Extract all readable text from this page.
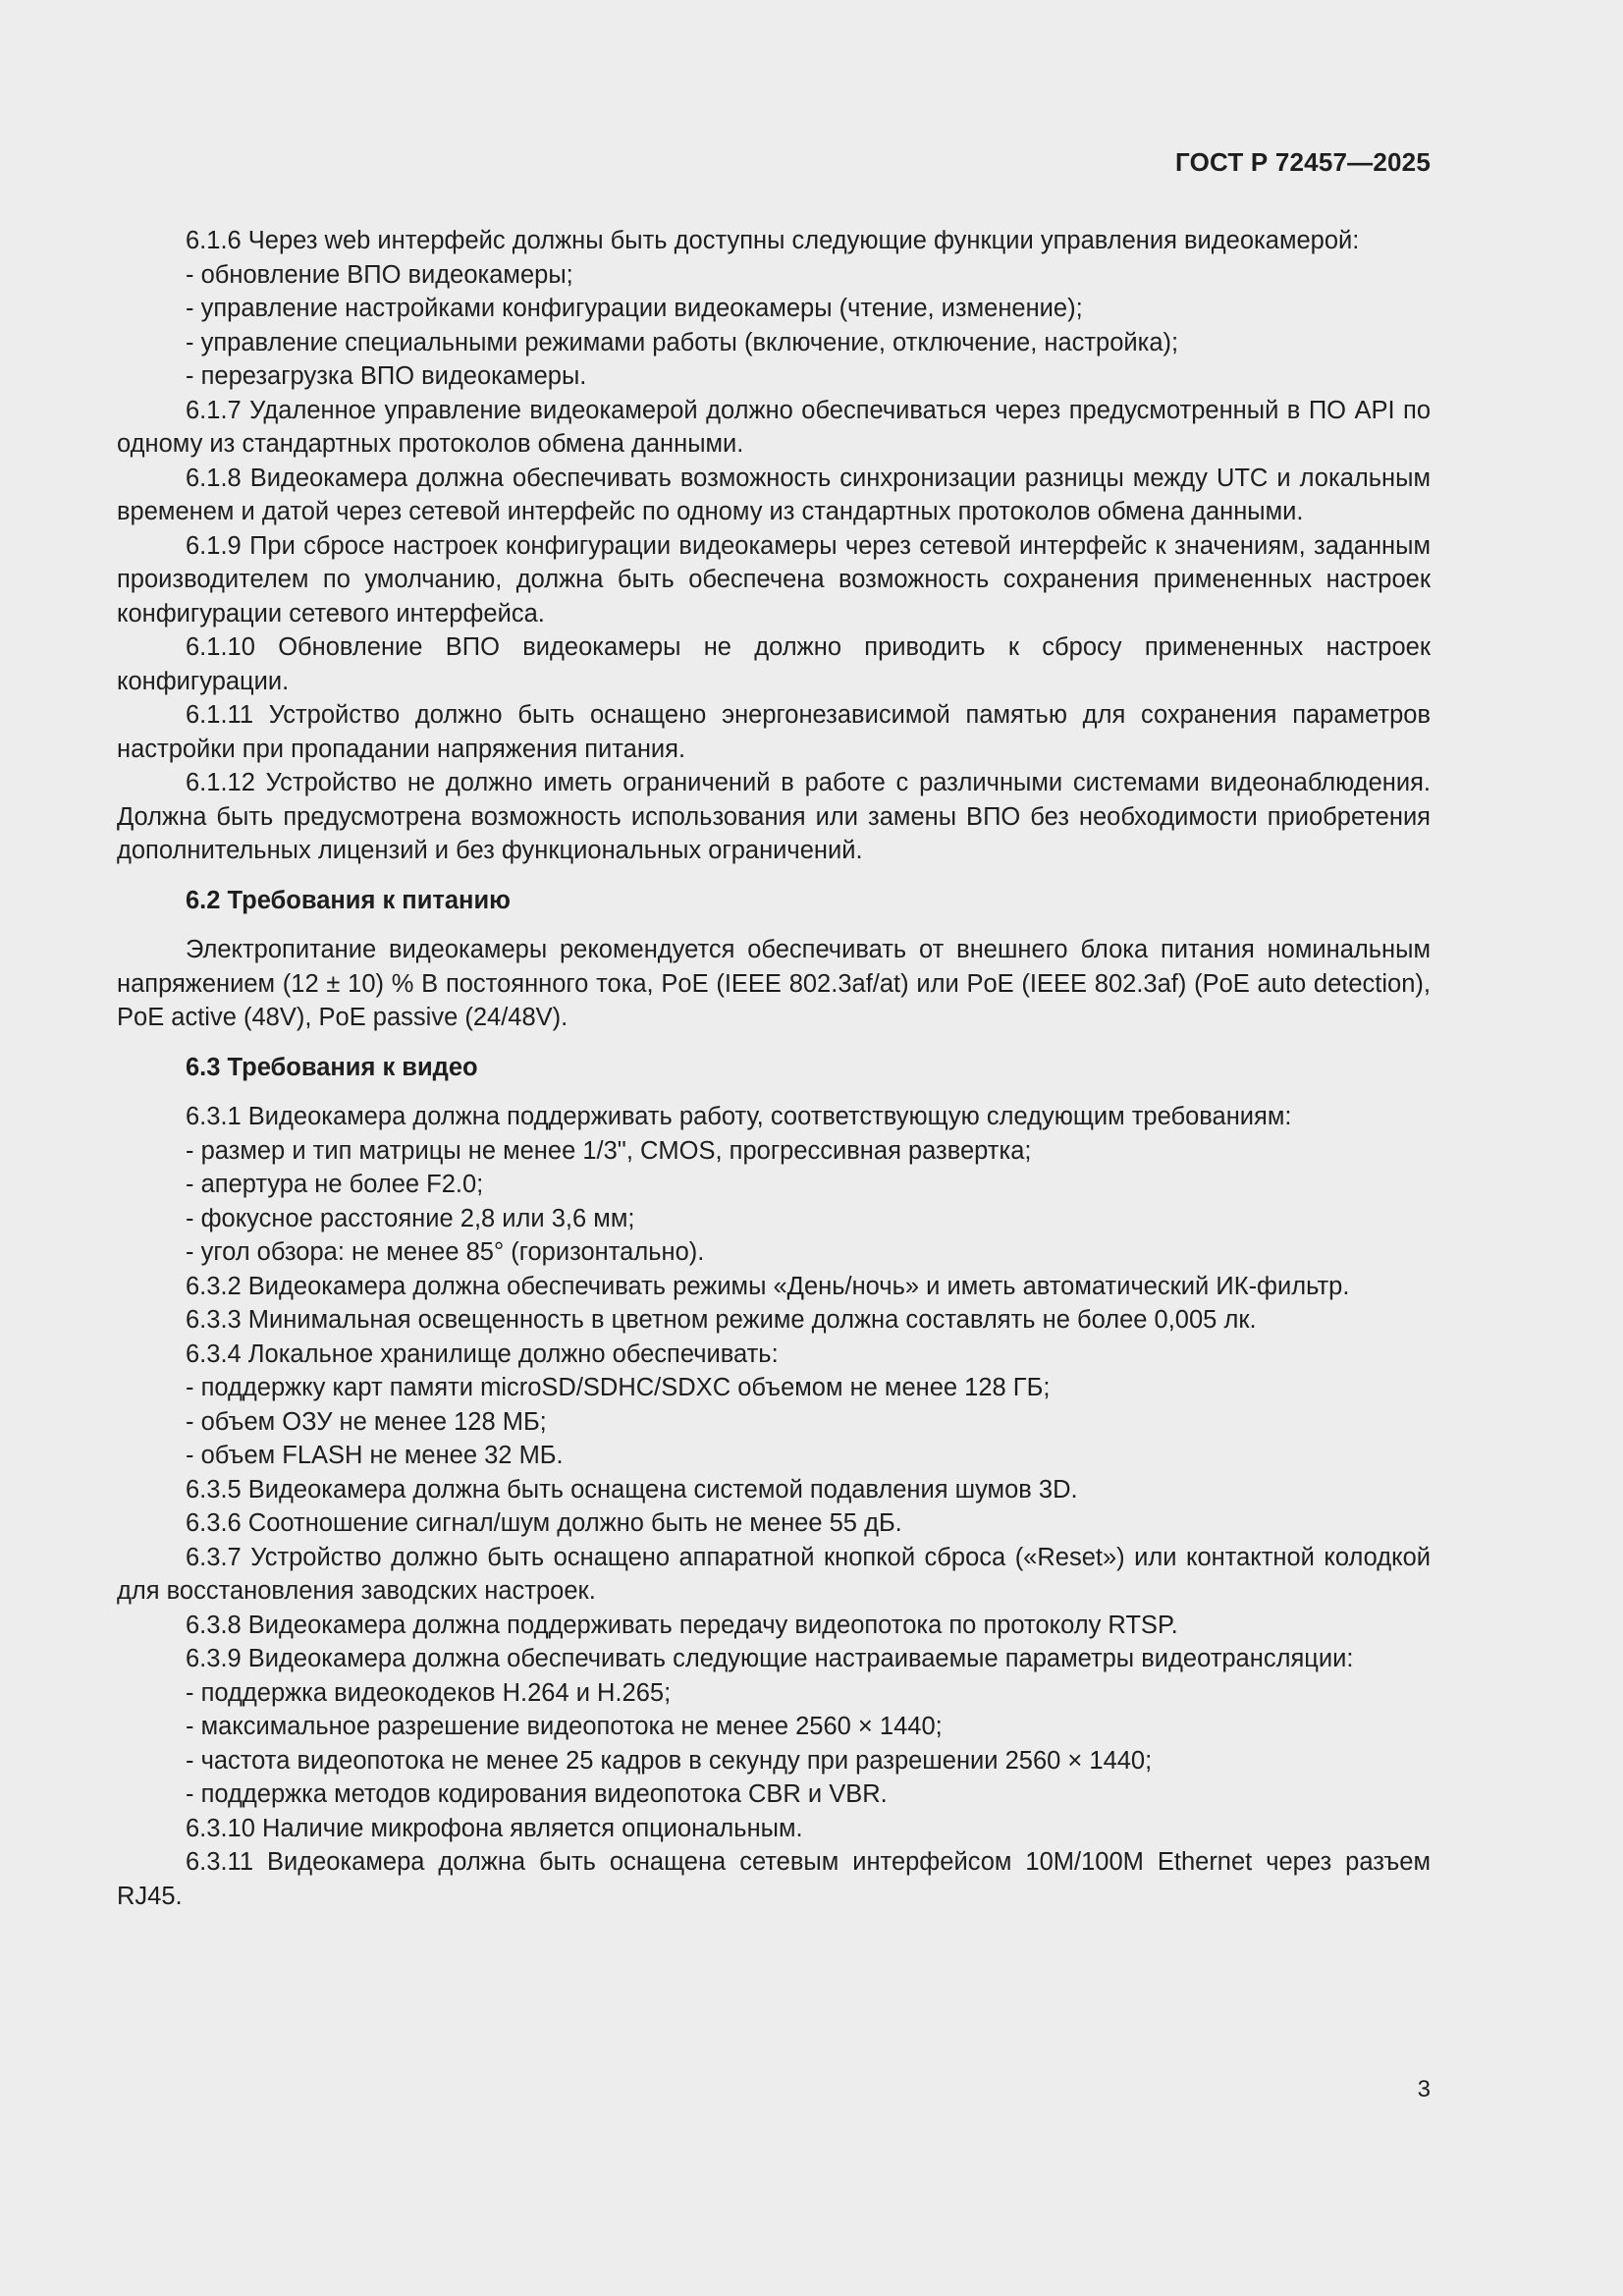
ГОСТ Р 72457—2025

6.1.6 Через web интерфейс должны быть доступны следующие функции управления видеокамерой:

- обновление ВПО видеокамеры;

- управление настройками конфигурации видеокамеры (чтение, изменение);

- управление специальными режимами работы (включение, отключение, настройка);

- перезагрузка ВПО видеокамеры.

6.1.7 Удаленное управление видеокамерой должно обеспечиваться через предусмотренный в ПО API по одному из стандартных протоколов обмена данными.

6.1.8 Видеокамера должна обеспечивать возможность синхронизации разницы между UTC и локальным временем и датой через сетевой интерфейс по одному из стандартных протоколов обмена данными.

6.1.9 При сбросе настроек конфигурации видеокамеры через сетевой интерфейс к значениям, заданным производителем по умолчанию, должна быть обеспечена возможность сохранения примененных настроек конфигурации сетевого интерфейса.

6.1.10 Обновление ВПО видеокамеры не должно приводить к сбросу примененных настроек конфигурации.

6.1.11 Устройство должно быть оснащено энергонезависимой памятью для сохранения параметров настройки при пропадании напряжения питания.

6.1.12 Устройство не должно иметь ограничений в работе с различными системами видеонаблюдения. Должна быть предусмотрена возможность использования или замены ВПО без необходимости приобретения дополнительных лицензий и без функциональных ограничений.

6.2 Требования к питанию

Электропитание видеокамеры рекомендуется обеспечивать от внешнего блока питания номинальным напряжением (12 ± 10) % В постоянного тока, PoE (IEEE 802.3af/at) или PoE (IEEE 802.3af) (PoE auto detection), PoE active (48V), PoE passive (24/48V).

6.3 Требования к видео

6.3.1 Видеокамера должна поддерживать работу, соответствующую следующим требованиям:

- размер и тип матрицы не менее 1/3", CMOS, прогрессивная развертка;

- апертура не более F2.0;

- фокусное расстояние 2,8 или 3,6 мм;

- угол обзора: не менее 85° (горизонтально).

6.3.2 Видеокамера должна обеспечивать режимы «День/ночь» и иметь автоматический ИК-фильтр.

6.3.3 Минимальная освещенность в цветном режиме должна составлять не более 0,005 лк.

6.3.4 Локальное хранилище должно обеспечивать:

- поддержку карт памяти microSD/SDHC/SDXC объемом не менее 128 ГБ;

- объем ОЗУ не менее 128 МБ;

- объем FLASH не менее 32 МБ.

6.3.5 Видеокамера должна быть оснащена системой подавления шумов 3D.

6.3.6 Соотношение сигнал/шум должно быть не менее 55 дБ.

6.3.7 Устройство должно быть оснащено аппаратной кнопкой сброса («Reset») или контактной колодкой для восстановления заводских настроек.

6.3.8 Видеокамера должна поддерживать передачу видеопотока по протоколу RTSP.

6.3.9 Видеокамера должна обеспечивать следующие настраиваемые параметры видеотрансляции:

- поддержка видеокодеков H.264 и H.265;

- максимальное разрешение видеопотока не менее 2560 × 1440;

- частота видеопотока не менее 25 кадров в секунду при разрешении 2560 × 1440;

- поддержка методов кодирования видеопотока CBR и VBR.

6.3.10 Наличие микрофона является опциональным.

6.3.11 Видеокамера должна быть оснащена сетевым интерфейсом 10M/100M Ethernet через разъем RJ45.

3
